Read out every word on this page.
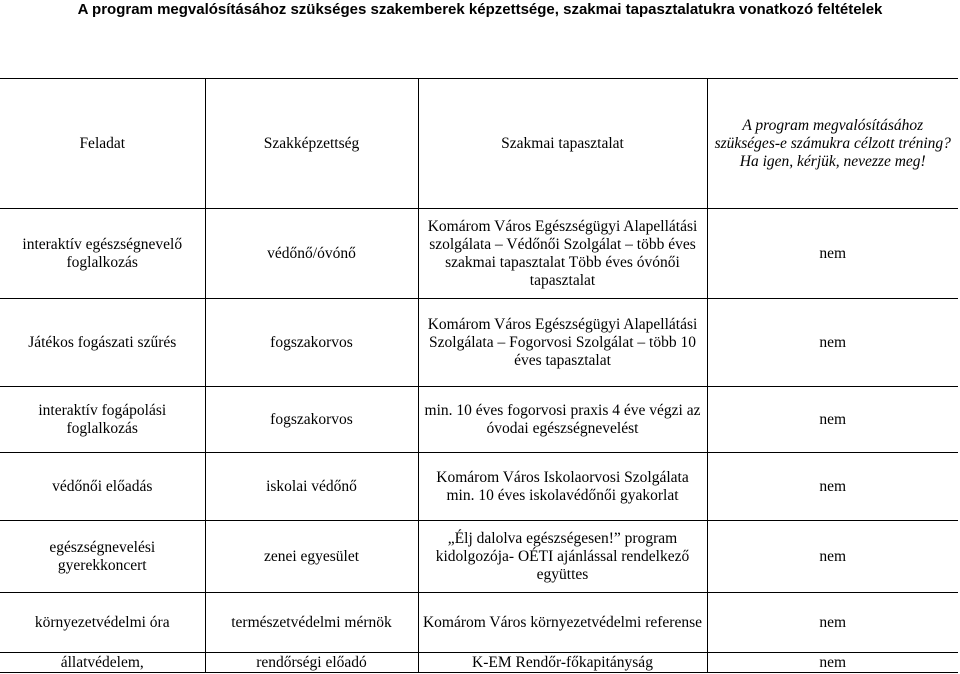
A program megvalósításához szükséges szakemberek képzettsége, szakmai tapasztalatukra vonatkozó feltételek
Feladat	Szakképzettség	Szakmai tapasztalat	A program megvalósításához szükséges-e számukra célzott tréning? Ha igen, kérjük, nevezze meg!
interaktív egészségnevelő foglalkozás	védőnő/óvónő	Komárom Város Egészségügyi Alapellátási szolgálata – Védőnői Szolgálat – több éves szakmai tapasztalat Több éves óvónői tapasztalat	nem
Játékos fogászati szűrés	fogszakorvos	Komárom Város Egészségügyi Alapellátási Szolgálata – Fogorvosi Szolgálat – több 10 éves tapasztalat	nem
interaktív fogápolási foglalkozás	fogszakorvos	min. 10 éves fogorvosi praxis 4 éve végzi az óvodai egészségnevelést	nem
védőnői előadás	iskolai védőnő	Komárom Város Iskolaorvosi Szolgálata min. 10 éves iskolavédőnői gyakorlat	nem
egészségnevelési gyerekkoncert	zenei egyesület	„Élj dalolva egészségesen!” program kidolgozója- OÉTI ajánlással rendelkező együttes	nem
környezetvédelmi óra	természetvédelmi mérnök	Komárom Város környezetvédelmi referense	nem
állatvédelem,	rendőrségi előadó	K-EM Rendőr-főkapitányság	nem
